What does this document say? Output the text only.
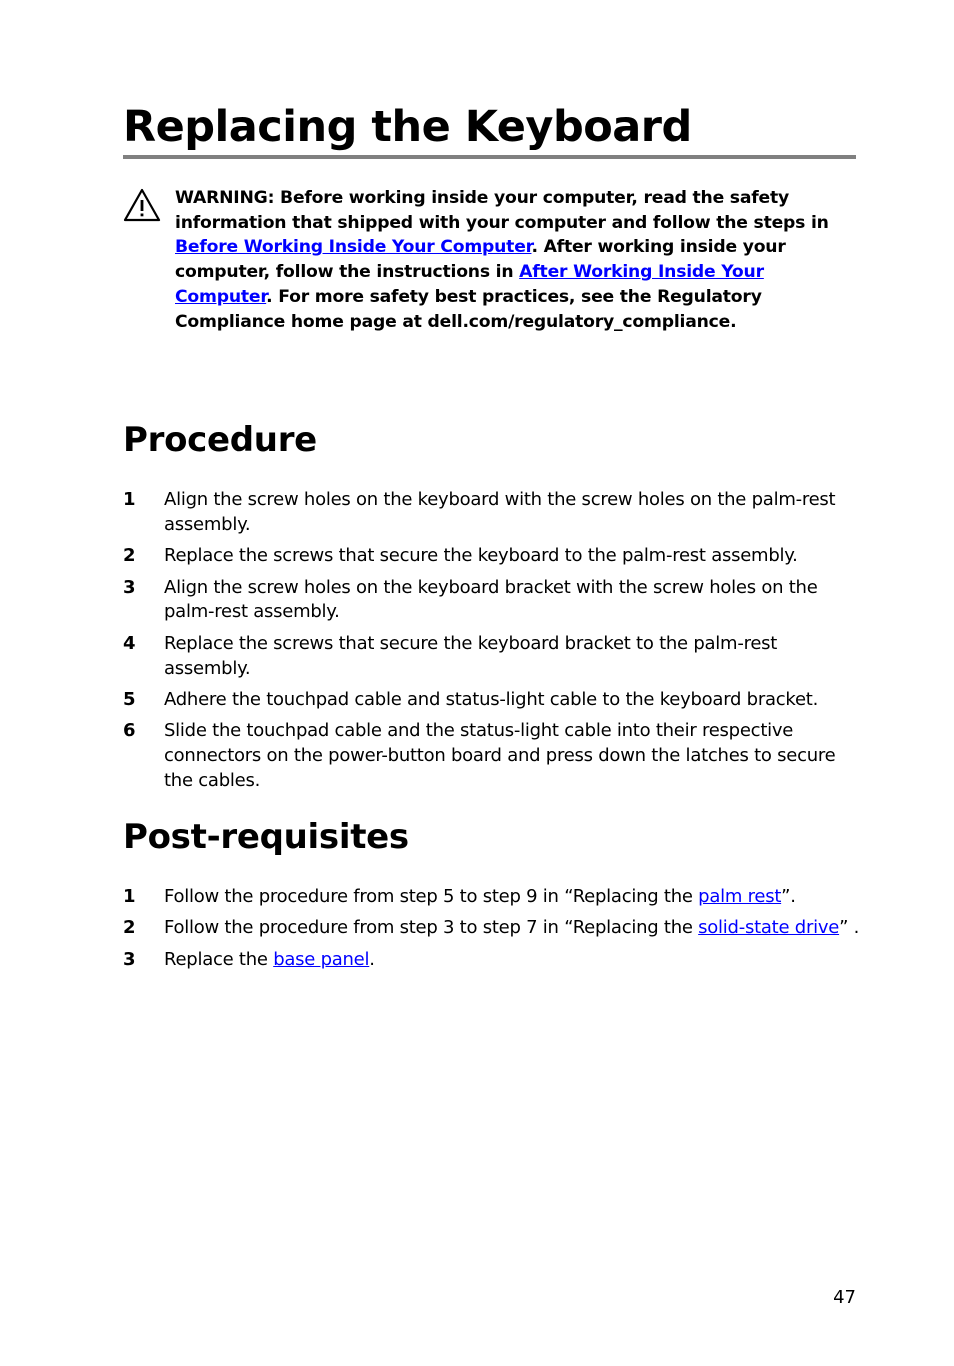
Replacing the Keyboard

WARNING: Before working inside your computer, read the safety information that shipped with your computer and follow the steps in Before Working Inside Your Computer. After working inside your computer, follow the instructions in After Working Inside Your Computer. For more safety best practices, see the Regulatory Compliance home page at dell.com/regulatory_compliance.

Procedure
1 Align the screw holes on the keyboard with the screw holes on the palm-rest assembly.
2 Replace the screws that secure the keyboard to the palm-rest assembly.
3 Align the screw holes on the keyboard bracket with the screw holes on the palm-rest assembly.
4 Replace the screws that secure the keyboard bracket to the palm-rest assembly.
5 Adhere the touchpad cable and status-light cable to the keyboard bracket.
6 Slide the touchpad cable and the status-light cable into their respective connectors on the power-button board and press down the latches to secure the cables.
Post-requisites
1 Follow the procedure from step 5 to step 9 in “Replacing the palm rest”.
2 Follow the procedure from step 3 to step 7 in “Replacing the solid-state drive” .
3 Replace the base panel.
47
